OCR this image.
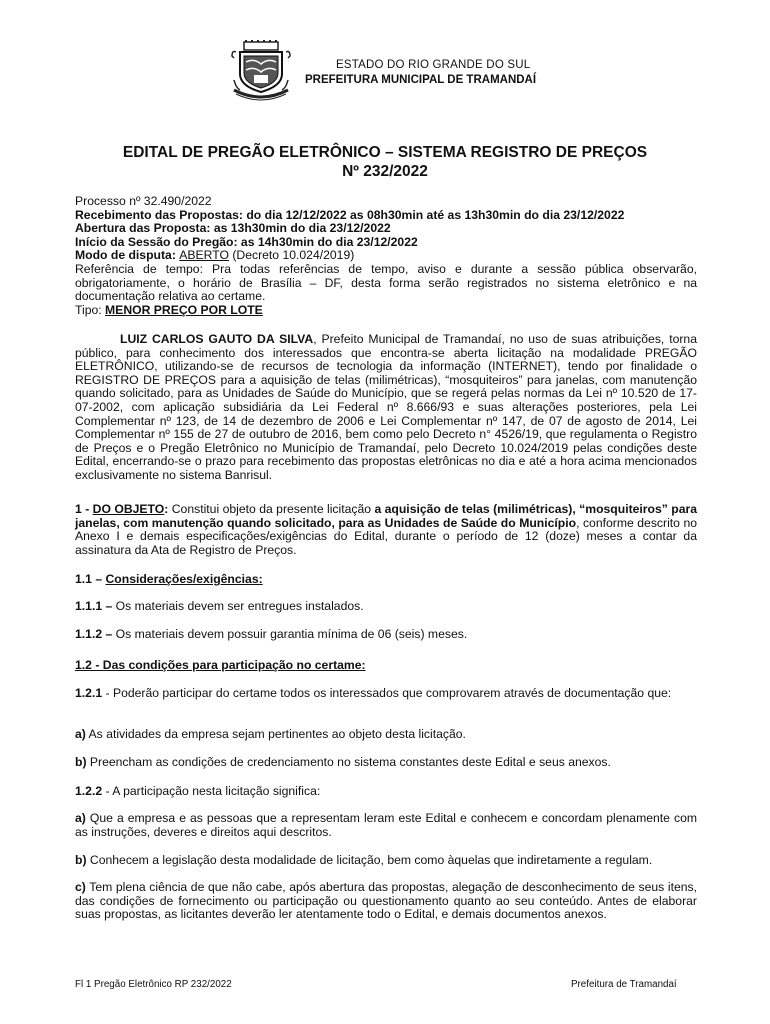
ESTADO DO RIO GRANDE DO SUL
PREFEITURA MUNICIPAL DE TRAMANDAÍ
EDITAL DE PREGÃO ELETRÔNICO – SISTEMA REGISTRO DE PREÇOS
Nº 232/2022

Processo nº 32.490/2022

Recebimento das Propostas: do dia 12/12/2022 as 08h30min até as 13h30min do dia 23/12/2022

Abertura das Proposta: as 13h30min do dia 23/12/2022

Início da Sessão do Pregão: as 14h30min do dia 23/12/2022

Modo de disputa: ABERTO (Decreto 10.024/2019)

Referência de tempo: Pra todas referências de tempo, aviso e durante a sessão pública observarão, obrigatoriamente, o horário de Brasília – DF, desta forma serão registrados no sistema eletrônico e na documentação relativa ao certame.

Tipo: MENOR PREÇO POR LOTE

LUIZ CARLOS GAUTO DA SILVA, Prefeito Municipal de Tramandaí, no uso de suas atribuições, torna público, para conhecimento dos interessados que encontra-se aberta licitação na modalidade PREGÃO ELETRÔNICO, utilizando-se de recursos de tecnologia da informação (INTERNET), tendo por finalidade o REGISTRO DE PREÇOS para a aquisição de telas (milimétricas), “mosquiteiros” para janelas, com manutenção quando solicitado, para as Unidades de Saúde do Município, que se regerá pelas normas da Lei nº 10.520 de 17-07-2002, com aplicação subsidiária da Lei Federal nº 8.666/93 e suas alterações posteriores, pela Lei Complementar nº 123, de 14 de dezembro de 2006 e Lei Complementar nº 147, de 07 de agosto de 2014, Lei Complementar nº 155 de 27 de outubro de 2016, bem como pelo Decreto n° 4526/19, que regulamenta o Registro de Preços e o Pregão Eletrônico no Município de Tramandaí, pelo Decreto 10.024/2019 pelas condições deste Edital, encerrando-se o prazo para recebimento das propostas eletrônicas no dia e até a hora acima mencionados exclusivamente no sistema Banrisul.

1 - DO OBJETO: Constitui objeto da presente licitação a aquisição de telas (milimétricas), “mosquiteiros” para janelas, com manutenção quando solicitado, para as Unidades de Saúde do Município, conforme descrito no Anexo I e demais especificações/exigências do Edital, durante o período de 12 (doze) meses a contar da assinatura da Ata de Registro de Preços.

1.1 – Considerações/exigências:

1.1.1 – Os materiais devem ser entregues instalados.

1.1.2 – Os materiais devem possuir garantia mínima de 06 (seis) meses.

1.2 - Das condições para participação no certame:

1.2.1 - Poderão participar do certame todos os interessados que comprovarem através de documentação que:

a) As atividades da empresa sejam pertinentes ao objeto desta licitação.

b) Preencham as condições de credenciamento no sistema constantes deste Edital e seus anexos.

1.2.2 - A participação nesta licitação significa:

a) Que a empresa e as pessoas que a representam leram este Edital e conhecem e concordam plenamente com as instruções, deveres e direitos aqui descritos.

b) Conhecem a legislação desta modalidade de licitação, bem como àquelas que indiretamente a regulam.

c) Tem plena ciência de que não cabe, após abertura das propostas, alegação de desconhecimento de seus itens, das condições de fornecimento ou participação ou questionamento quanto ao seu conteúdo. Antes de elaborar suas propostas, as licitantes deverão ler atentamente todo o Edital, e demais documentos anexos.

Fl 1 Pregão Eletrônico RP 232/2022	Prefeitura de Tramandaí
